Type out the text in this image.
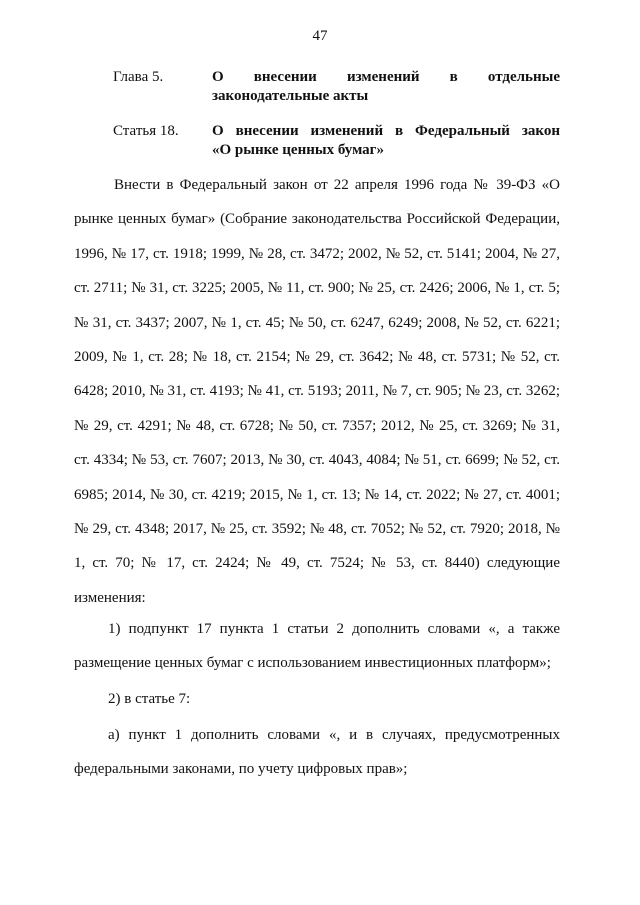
47
Глава 5.	О внесении изменений в отдельные
законодательные акты
Статья 18. О внесении изменений в Федеральный закон
«О рынке ценных бумаг»

Внести в Федеральный закон от 22 апреля 1996 года № 39-ФЗ «О рынке ценных бумаг» (Собрание законодательства Российской Федерации, 1996, № 17, ст. 1918; 1999, № 28, ст. 3472; 2002, № 52, ст. 5141; 2004, № 27, ст. 2711; № 31, ст. 3225; 2005, № 11, ст. 900; № 25, ст. 2426; 2006, № 1, ст. 5; № 31, ст. 3437; 2007, № 1, ст. 45; № 50, ст. 6247, 6249; 2008, № 52, ст. 6221; 2009, № 1, ст. 28; № 18, ст. 2154; № 29, ст. 3642; № 48, ст. 5731; № 52, ст. 6428; 2010, № 31, ст. 4193; № 41, ст. 5193; 2011, № 7, ст. 905; № 23, ст. 3262; № 29, ст. 4291; № 48, ст. 6728; № 50, ст. 7357; 2012, № 25, ст. 3269; № 31, ст. 4334; № 53, ст. 7607; 2013, № 30, ст. 4043, 4084; № 51, ст. 6699; № 52, ст. 6985; 2014, № 30, ст. 4219; 2015, № 1, ст. 13; № 14, ст. 2022; № 27, ст. 4001; № 29, ст. 4348; 2017, № 25, ст. 3592; № 48, ст. 7052; № 52, ст. 7920; 2018, № 1, ст. 70; № 17, ст. 2424; № 49, ст. 7524; № 53, ст. 8440) следующие изменения:

1) подпункт 17 пункта 1 статьи 2 дополнить словами «, а также размещение ценных бумаг с использованием инвестиционных платформ»;

2) в статье 7:

а) пункт 1 дополнить словами «, и в случаях, предусмотренных федеральными законами, по учету цифровых прав»;
